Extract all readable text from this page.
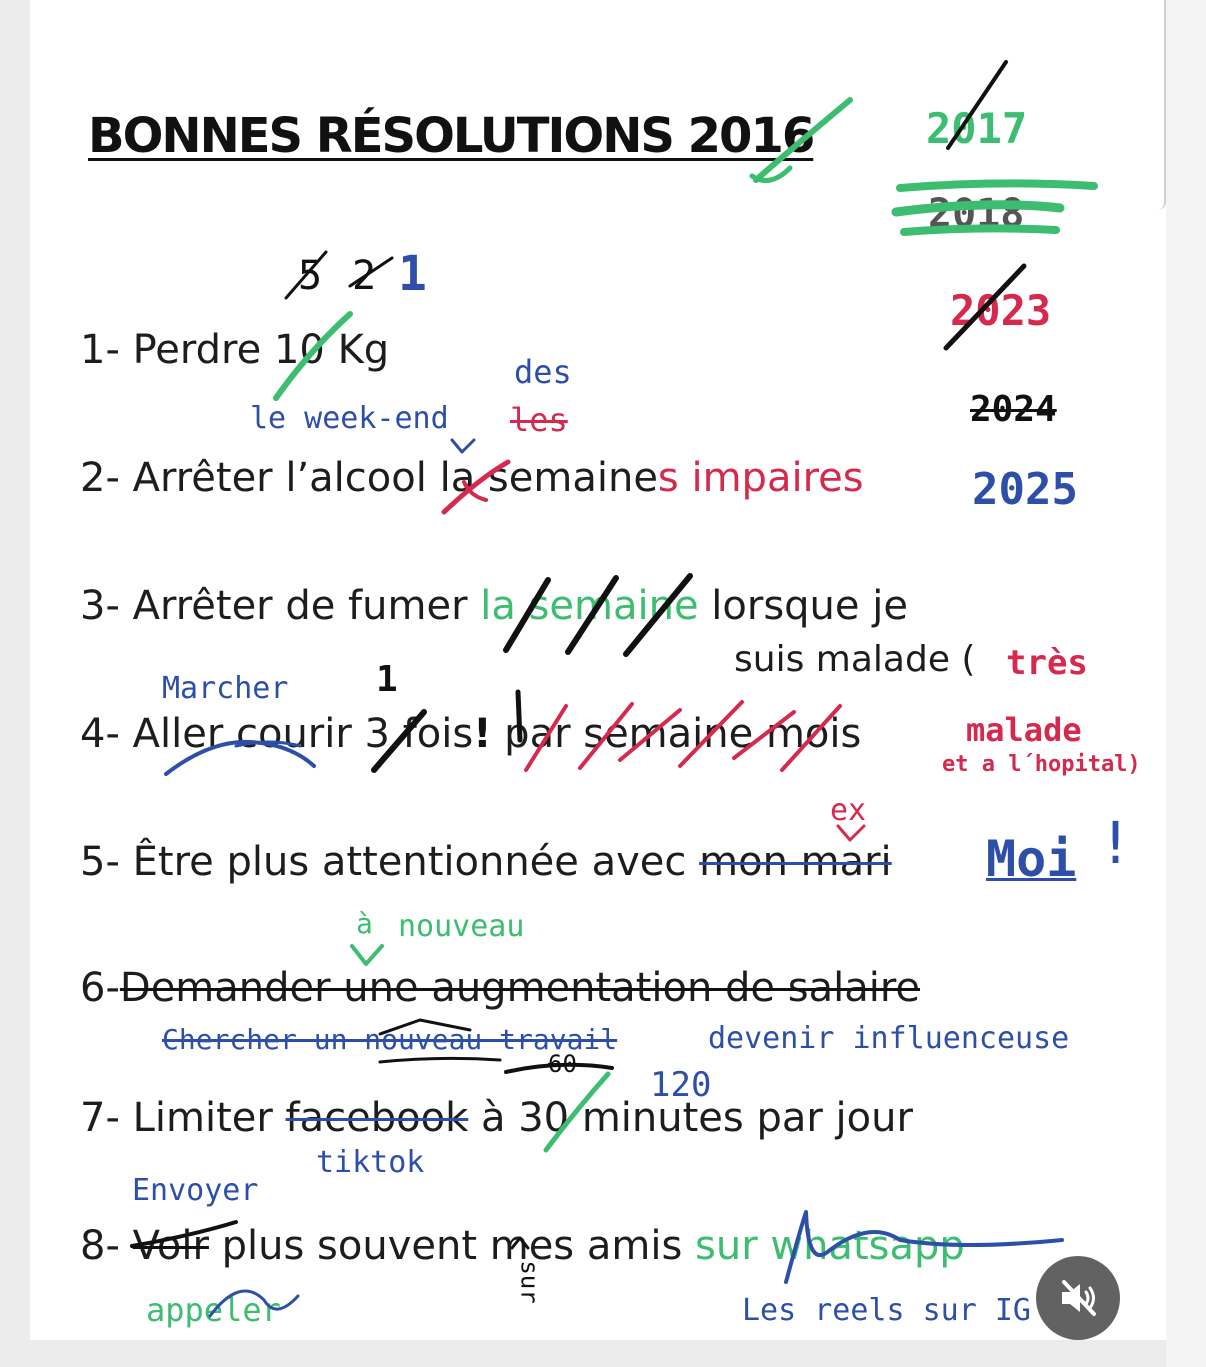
BONNES RÉSOLUTIONS 2016	2017
2018
2023
2024
2025
5 2 1
1- Perdre 10 Kg
le week-end
des
les
2- Arrêter l’alcool la semaines impaires
3- Arrêter de fumer la semaine lorsque je
suis malade ( très
malade
et a l´hopital)
Marcher 1
4- Aller courir 3 fois! par semaine mois
ex
5- Être plus attentionnée avec mon mari Moi !
à nouveau
6-Demander une augmentation de salaire
Chercher un nouveau travail	devenir influenceuse
60
120
7- Limiter facebook à 30 minutes par jour
tiktok
Envoyer
8- Voir plus souvent mes amis sur whatsapp
appeler
sur
Les reels sur IG
